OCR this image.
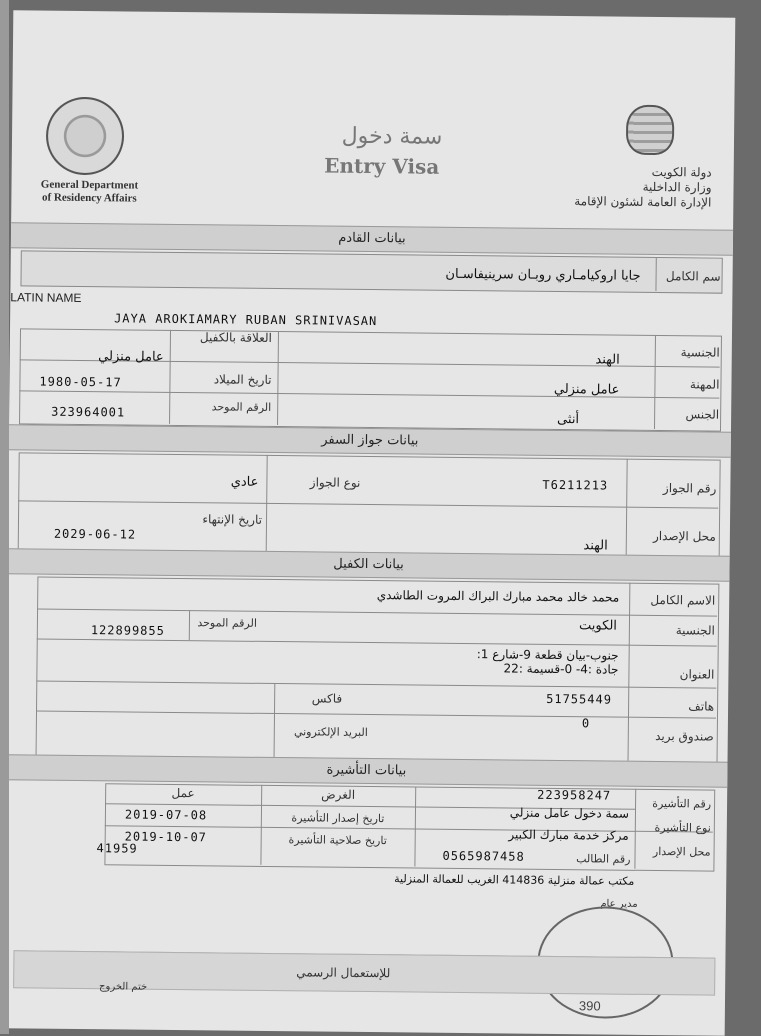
General Department
of Residency Affairs
سمة دخول
Entry Visa	دولة الكويت
وزارة الداخلية
الإدارة العامة لشئون الإقامة
بيانات القادم
سم الكامل
جايا اروكيامـاري روبـان سرينيفاسـان
LATIN NAME
JAYA AROKIAMARY RUBAN SRINIVASAN
الجنسية
الهند
العلاقة بالكفيل
عامل منزلي
المهنة
عامل منزلي
تاريخ الميلاد
1980-05-17
الجنس
أنثى
الرقم الموحد
323964001
بيانات جواز السفر
رقم الجواز
T6211213
نوع الجواز
عادي
محل الإصدار
الهند
تاريخ الإنتهاء
2029-06-12
بيانات الكفيل
الاسم الكامل
محمد خالد محمد مبارك البراك المروت الطاشدي
الجنسية
الكويت
الرقم الموحد
122899855
العنوان
جنوب-بيان قطعة 9-شارع 1:
جادة :4- 0-قسيمة :22
هاتف
51755449
فاكس
صندوق بريد
0
البريد الإلكتروني
بيانات التأشيرة
رقم التأشيرة
223958247
الغرض
عمل
نوع التأشيرة
سمة دخول عامل منزلي
تاريخ إصدار التأشيرة
2019-07-08
محل الإصدار
مركز خدمة مبارك الكبير
تاريخ صلاحية التأشيرة
2019-10-07
41959
رقم الطالب
0565987458
مكتب عمالة منزلية 414836 الغريب للعمالة المنزلية
مدير عام
390
للإستعمال الرسمي
ختم الخروج
